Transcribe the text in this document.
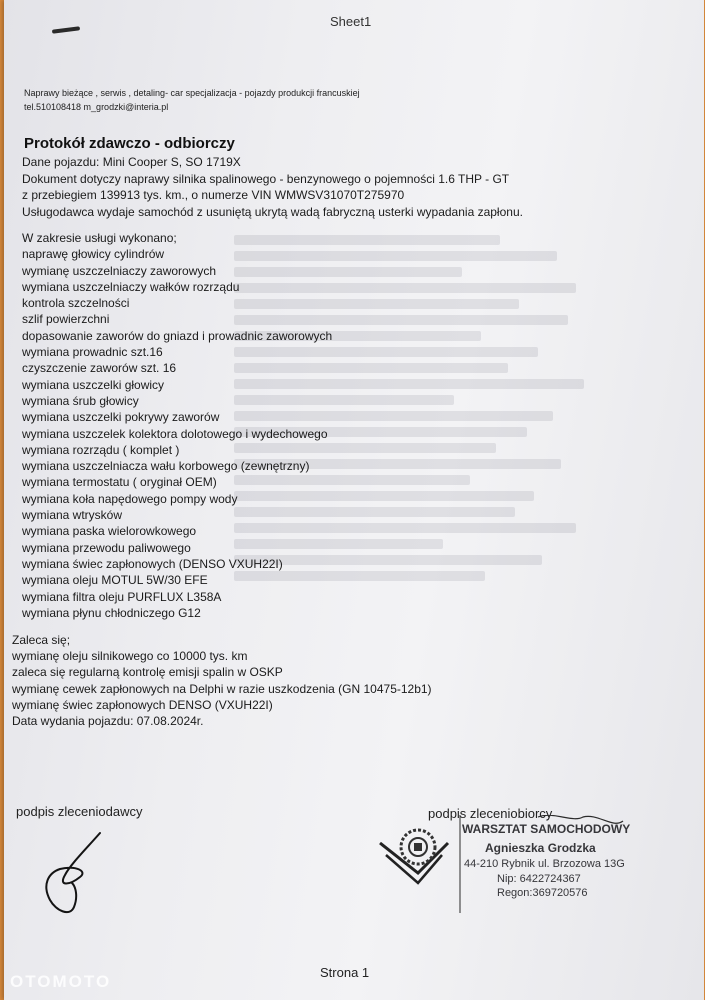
Sheet1
Naprawy bieżące , serwis , detaling- car specjalizacja - pojazdy produkcji francuskiej
tel.510108418 m_grodzki@interia.pl
Protokół zdawczo - odbiorczy
Dane pojazdu: Mini Cooper S, SO 1719X
Dokument dotyczy naprawy silnika spalinowego - benzynowego o pojemności 1.6 THP - GT
z przebiegiem 139913 tys. km., o numerze VIN WMWSV31070T275970
Usługodawca wydaje samochód z usuniętą ukrytą wadą fabryczną usterki wypadania zapłonu.
W zakresie usługi wykonano;
naprawę głowicy cylindrów
wymianę uszczelniaczy zaworowych
wymiana uszczelniaczy wałków rozrządu
kontrola szczelności
szlif powierzchni
dopasowanie zaworów do gniazd i prowadnic zaworowych
wymiana prowadnic szt.16
czyszczenie zaworów szt. 16
wymiana uszczelki głowicy
wymiana śrub głowicy
wymiana uszczelki pokrywy zaworów
wymiana uszczelek kolektora dolotowego i wydechowego
wymiana rozrządu ( komplet )
wymiana uszczelniacza wału korbowego (zewnętrzny)
wymiana termostatu ( oryginał OEM)
wymiana koła napędowego pompy wody
wymiana wtrysków
wymiana paska wielorowkowego
wymiana przewodu paliwowego
wymiana świec zapłonowych (DENSO VXUH22I)
wymiana oleju MOTUL 5W/30 EFE
wymiana filtra oleju PURFLUX L358A
wymiana płynu chłodniczego G12
Zaleca się;
wymianę oleju silnikowego co 10000 tys. km
zaleca się regularną kontrolę emisji spalin w OSKP
wymianę cewek zapłonowych na Delphi w razie uszkodzenia (GN 10475-12b1)
wymianę świec zapłonowych DENSO (VXUH22I)
Data wydania pojazdu: 07.08.2024r.
podpis zleceniodawcy	podpis zleceniobiorcy
WARSZTAT SAMOCHODOWY
Agnieszka Grodzka
44-210 Rybnik ul. Brzozowa 13G
Nip: 6422724367
Regon:369720576
Strona 1
OTOMOTO
